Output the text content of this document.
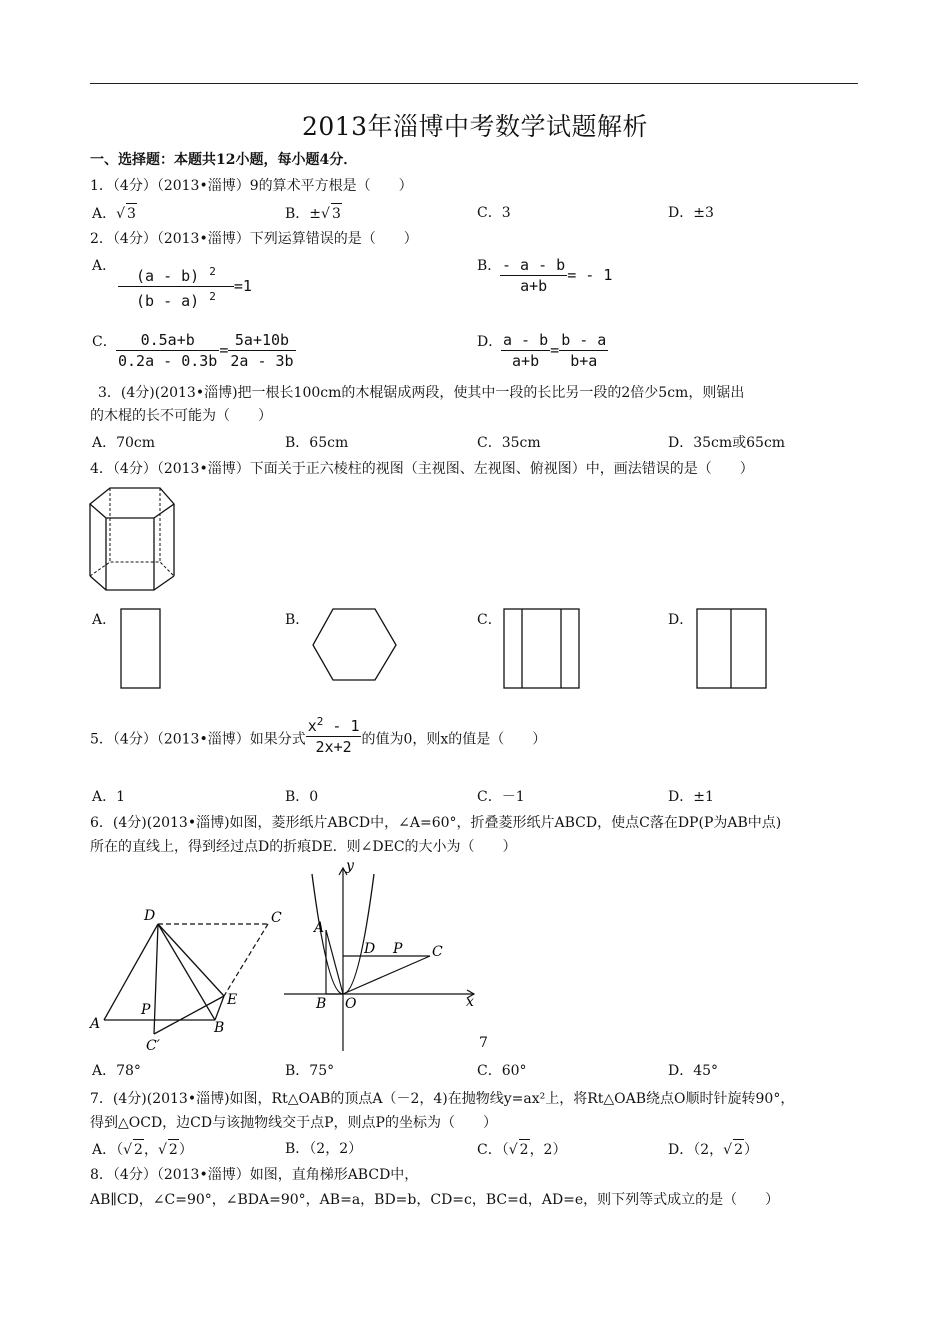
2013年淄博中考数学试题解析
一、选择题：本题共12小题，每小题4分．
1．（4分）（2013•淄博）9的算术平方根是（　　）
A．√ 3	B．±√ 3	C．3	D．±3
2．（4分）（2013•淄博）下列运算错误的是（　　）
A． $\frac{(a - b) ^2}{(b - a) ^2} =1$
B．
$\frac{- a - b}{a+b}$ = - 1
C． $\frac{0.5a+b}{0.2a - 0.3b} = \frac{5a+10b}{2a - 3b}$	D．
$\frac{a - b}{a+b} = \frac{b - a}{b+a}$
3．(4分)(2013•淄博)把一根长100cm的木棍锯成两段，使其中一段的长比另一段的2倍少5cm，则锯出
的木棍的长不可能为（　　）
A．70cm	B．65cm	C．35cm	D．35cm或65cm
4．（4分）（2013•淄博）下面关于正六棱柱的视图（主视图、左视图、俯视图）中，画法错误的是（　　）
A．	B．	C．	D．
5．（4分）（2013•淄博）如果分式 $\frac{x^2 - 1}{2x+2}$ 的值为0，则x的值是（　　）
A．1	B．0	C．－1	D．±1
6．(4分)(2013•淄博)如图，菱形纸片ABCD中，∠A=60°，折叠菱形纸片ABCD，使点C落在DP(P为AB中点)
所在的直线上，得到经过点D的折痕DE．则∠DEC的大小为（　　）
D	C
P
E
A	B
C′
y
x
A
D P C
B O
7
A．78°	B．75°	C．60°	D．45°
7．(4分)(2013•淄博)如图，Rt△OAB的顶点A（－2，4)在抛物线y=ax²上，将Rt△OAB绕点O顺时针旋转90°，
得到△OCD，边CD与该抛物线交于点P，则点P的坐标为（　　）
A．（√ 2，√ 2）	B．（2，2）	C．（√ 2，2）	D．（2，√ 2）
8．（4分）（2013•淄博）如图，直角梯形ABCD中，
AB∥CD，∠C=90°，∠BDA=90°，AB=a，BD=b，CD=c，BC=d，AD=e，则下列等式成立的是（　　）
